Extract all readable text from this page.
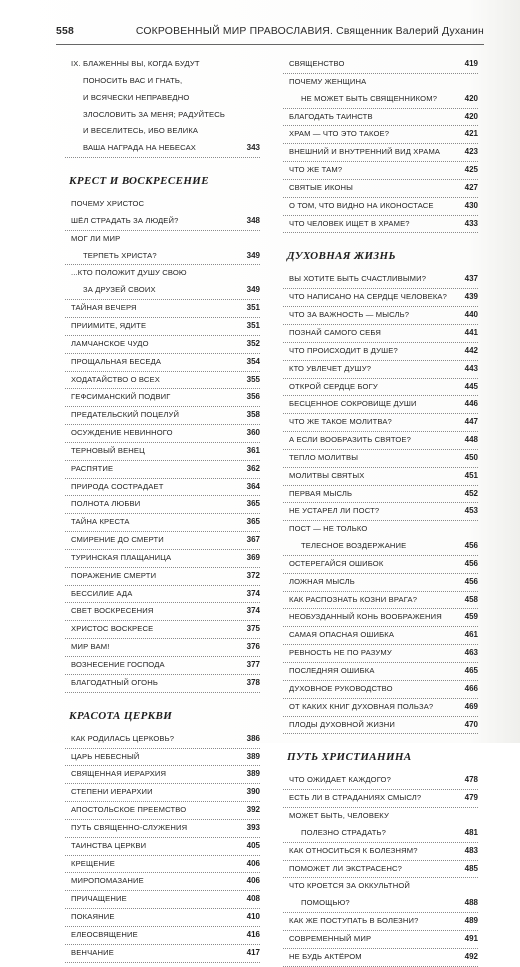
558	СОКРОВЕННЫЙ МИР ПРАВОСЛАВИЯ. Священник Валерий Духанин
IX. БЛАЖЕННЫ ВЫ, КОГДА БУДУТ
ПОНОСИТЬ ВАС И ГНАТЬ,
И ВСЯЧЕСКИ НЕПРАВЕДНО
ЗЛОСЛОВИТЬ ЗА МЕНЯ; РАДУЙТЕСЬ
И ВЕСЕЛИТЕСЬ, ИБО ВЕЛИКА
ВАША НАГРАДА НА НЕБЕСАХ	343
КРЕСТ И ВОСКРЕСЕНИЕ
ПОЧЕМУ ХРИСТОС
ШЁЛ СТРАДАТЬ ЗА ЛЮДЕЙ?	348
МОГ ЛИ МИР
ТЕРПЕТЬ ХРИСТА?	349
...КТО ПОЛОЖИТ ДУШУ СВОЮ
ЗА ДРУЗЕЙ СВОИХ	349
ТАЙНАЯ ВЕЧЕРЯ	351
ПРИИМИТЕ, ЯДИТЕ	351
ЛАМЧАНСКОЕ ЧУДО	352
ПРОЩАЛЬНАЯ БЕСЕДА	354
ХОДАТАЙСТВО О ВСЕХ	355
ГЕФСИМАНСКИЙ ПОДВИГ	356
ПРЕДАТЕЛЬСКИЙ ПОЦЕЛУЙ	358
ОСУЖДЕНИЕ НЕВИННОГО	360
ТЕРНОВЫЙ ВЕНЕЦ	361
РАСПЯТИЕ	362
ПРИРОДА СОСТРАДАЕТ	364
ПОЛНОТА ЛЮБВИ	365
ТАЙНА КРЕСТА	365
СМИРЕНИЕ ДО СМЕРТИ	367
ТУРИНСКАЯ ПЛАЩАНИЦА	369
ПОРАЖЕНИЕ СМЕРТИ	372
БЕССИЛИЕ АДА	374
СВЕТ ВОСКРЕСЕНИЯ	374
ХРИСТОС ВОСКРЕСЕ	375
МИР ВАМ!	376
ВОЗНЕСЕНИЕ ГОСПОДА	377
БЛАГОДАТНЫЙ ОГОНЬ	378
КРАСОТА ЦЕРКВИ
КАК РОДИЛАСЬ ЦЕРКОВЬ?	386
ЦАРЬ НЕБЕСНЫЙ	389
СВЯЩЕННАЯ ИЕРАРХИЯ	389
СТЕПЕНИ ИЕРАРХИИ	390
АПОСТОЛЬСКОЕ ПРЕЕМСТВО	392
ПУТЬ СВЯЩЕННО-СЛУЖЕНИЯ	393
ТАИНСТВА ЦЕРКВИ	405
КРЕЩЕНИЕ	406
МИРОПОМАЗАНИЕ	406
ПРИЧАЩЕНИЕ	408
ПОКАЯНИЕ	410
ЕЛЕОСВЯЩЕНИЕ	416
ВЕНЧАНИЕ	417
СВЯЩЕНСТВО	419
ПОЧЕМУ ЖЕНЩИНА
НЕ МОЖЕТ БЫТЬ СВЯЩЕННИКОМ?	420
БЛАГОДАТЬ ТАИНСТВ	420
ХРАМ — ЧТО ЭТО ТАКОЕ?	421
ВНЕШНИЙ И ВНУТРЕННИЙ ВИД ХРАМА	423
ЧТО ЖЕ ТАМ?	425
СВЯТЫЕ ИКОНЫ	427
О ТОМ, ЧТО ВИДНО НА ИКОНОСТАСЕ	430
ЧТО ЧЕЛОВЕК ИЩЕТ В ХРАМЕ?	433
ДУХОВНАЯ ЖИЗНЬ
ВЫ ХОТИТЕ БЫТЬ СЧАСТЛИВЫМИ?	437
ЧТО НАПИСАНО НА СЕРДЦЕ ЧЕЛОВЕКА? 439
ЧТО ЗА ВАЖНОСТЬ — МЫСЛЬ?	440
ПОЗНАЙ САМОГО СЕБЯ	441
ЧТО ПРОИСХОДИТ В ДУШЕ?	442
КТО УВЛЕЧЕТ ДУШУ?	443
ОТКРОЙ СЕРДЦЕ БОГУ	445
БЕСЦЕННОЕ СОКРОВИЩЕ ДУШИ	446
ЧТО ЖЕ ТАКОЕ МОЛИТВА?	447
А ЕСЛИ ВООБРАЗИТЬ СВЯТОЕ?	448
ТЕПЛО МОЛИТВЫ	450
МОЛИТВЫ СВЯТЫХ	451
ПЕРВАЯ МЫСЛЬ	452
НЕ УСТАРЕЛ ЛИ ПОСТ?	453
ПОСТ — НЕ ТОЛЬКО
ТЕЛЕСНОЕ ВОЗДЕРЖАНИЕ	456
ОСТЕРЕГАЙСЯ ОШИБОК	456
ЛОЖНАЯ МЫСЛЬ	456
КАК РАСПОЗНАТЬ КОЗНИ ВРАГА?	458
НЕОБУЗДАННЫЙ КОНЬ ВООБРАЖЕНИЯ	459
САМАЯ ОПАСНАЯ ОШИБКА	461
РЕВНОСТЬ НЕ ПО РАЗУМУ	463
ПОСЛЕДНЯЯ ОШИБКА	465
ДУХОВНОЕ РУКОВОДСТВО	466
ОТ КАКИХ КНИГ ДУХОВНАЯ ПОЛЬЗА?	469
ПЛОДЫ ДУХОВНОЙ ЖИЗНИ	470
ПУТЬ ХРИСТИАНИНА
ЧТО ОЖИДАЕТ КАЖДОГО?	478
ЕСТЬ ЛИ В СТРАДАНИЯХ СМЫСЛ?	479
МОЖЕТ БЫТЬ, ЧЕЛОВЕКУ
ПОЛЕЗНО СТРАДАТЬ?	481
КАК ОТНОСИТЬСЯ К БОЛЕЗНЯМ?	483
ПОМОЖЕТ ЛИ ЭКСТРАСЕНС?	485
ЧТО КРОЕТСЯ ЗА ОККУЛЬТНОЙ
ПОМОЩЬЮ?	488
КАК ЖЕ ПОСТУПАТЬ В БОЛЕЗНИ?	489
СОВРЕМЕННЫЙ МИР	491
НЕ БУДЬ АКТЁРОМ	492
